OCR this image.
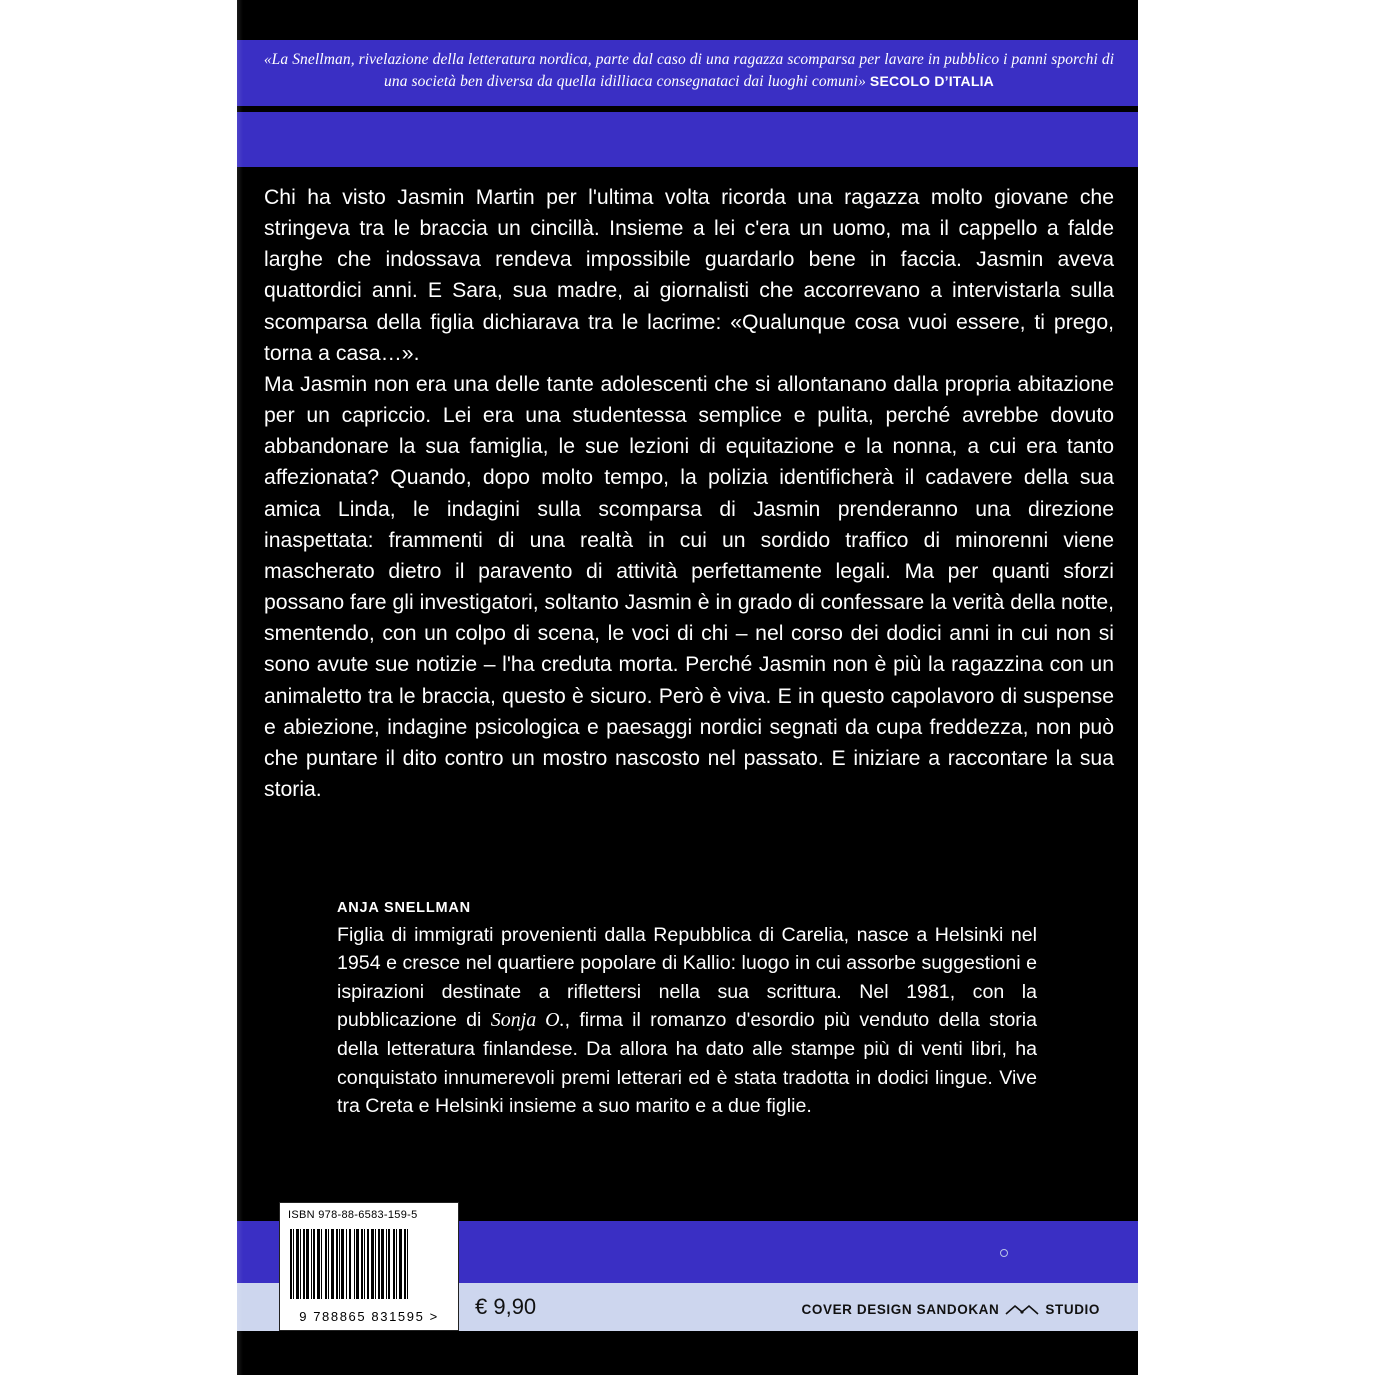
«La Snellman, rivelazione della letteratura nordica, parte dal caso di una ragazza scomparsa per lavare in pubblico i panni sporchi di una società ben diversa da quella idilliaca consegnataci dai luoghi comuni» SECOLO D’ITALIA

Chi ha visto Jasmin Martin per l'ultima volta ricorda una ragazza molto giovane che stringeva tra le braccia un cincillà. Insieme a lei c'era un uomo, ma il cappello a falde larghe che indossava rendeva impossibile guardarlo bene in faccia. Jasmin aveva quattordici anni. E Sara, sua madre, ai giornalisti che accorrevano a intervistarla sulla scomparsa della figlia dichiarava tra le lacrime: «Qualunque cosa vuoi essere, ti prego, torna a casa…».

Ma Jasmin non era una delle tante adolescenti che si allontanano dalla propria abitazione per un capriccio. Lei era una studentessa semplice e pulita, perché avrebbe dovuto abbandonare la sua famiglia, le sue lezioni di equitazione e la nonna, a cui era tanto affezionata? Quando, dopo molto tempo, la polizia identificherà il cadavere della sua amica Linda, le indagini sulla scomparsa di Jasmin prenderanno una direzione inaspettata: frammenti di una realtà in cui un sordido traffico di minorenni viene mascherato dietro il paravento di attività perfettamente legali. Ma per quanti sforzi possano fare gli investigatori, soltanto Jasmin è in grado di confessare la verità della notte, smentendo, con un colpo di scena, le voci di chi – nel corso dei dodici anni in cui non si sono avute sue notizie – l'ha creduta morta. Perché Jasmin non è più la ragazzina con un animaletto tra le braccia, questo è sicuro. Però è viva. E in questo capolavoro di suspense e abiezione, indagine psicologica e paesaggi nordici segnati da cupa freddezza, non può che puntare il dito contro un mostro nascosto nel passato. E iniziare a raccontare la sua storia.

ANJA SNELLMAN
Figlia di immigrati provenienti dalla Repubblica di Carelia, nasce a Helsinki nel 1954 e cresce nel quartiere popolare di Kallio: luogo in cui assorbe suggestioni e ispirazioni destinate a riflettersi nella sua scrittura. Nel 1981, con la pubblicazione di Sonja O., firma il romanzo d'esordio più venduto della storia della letteratura finlandese. Da allora ha dato alle stampe più di venti libri, ha conquistato innumerevoli premi letterari ed è stata tradotta in dodici lingue. Vive tra Creta e Helsinki insieme a suo marito e a due figlie.
€ 9,90	COVER DESIGN SANDOKAN	STUDIO
ISBN 978-88-6583-159-5
9 788865 831595 >
